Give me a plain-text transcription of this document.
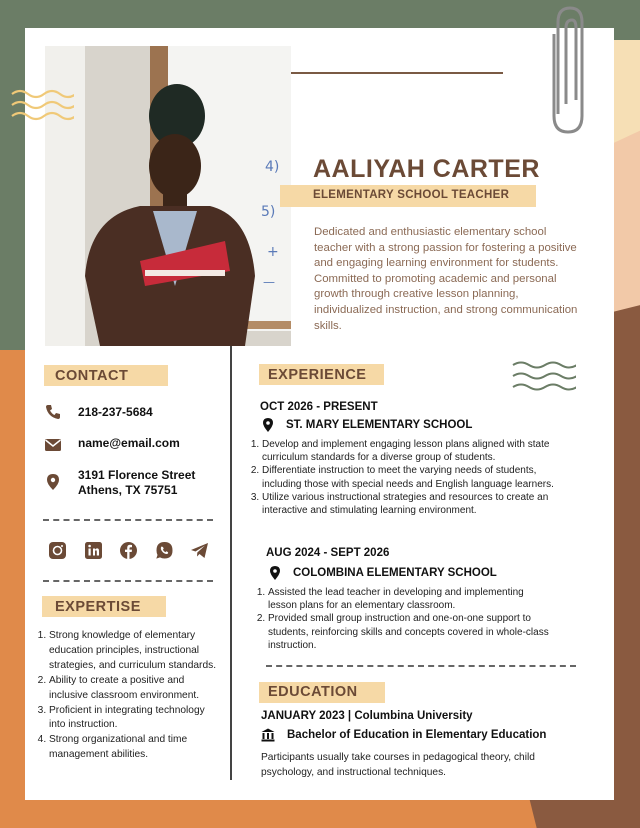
4)
5)
+
—
AALIYAH CARTER
ELEMENTARY SCHOOL TEACHER
Dedicated and enthusiastic elementary school teacher with a strong passion for fostering a positive and engaging learning environment for students. Committed to promoting academic and personal growth through creative lesson planning, individualized instruction, and strong communication skills.
CONTACT
218-237-5684
name@email.com
3191 Florence Street
Athens, TX 75751
EXPERTISE
1. Strong knowledge of elementary education principles, instructional strategies, and curriculum standards.
2. Ability to create a positive and inclusive classroom environment.
3. Proficient in integrating technology into instruction.
4. Strong organizational and time management abilities.
EXPERIENCE
OCT 2026 - PRESENT
ST. MARY ELEMENTARY SCHOOL
1. Develop and implement engaging lesson plans aligned with state curriculum standards for a diverse group of students.
2. Differentiate instruction to meet the varying needs of students, including those with special needs and English language learners.
3. Utilize various instructional strategies and resources to create an interactive and stimulating learning environment.
AUG 2024 - SEPT 2026
COLOMBINA ELEMENTARY SCHOOL
1. Assisted the lead teacher in developing and implementing lesson plans for an elementary classroom.
2. Provided small group instruction and one-on-one support to students, reinforcing skills and concepts covered in whole-class instruction.
EDUCATION
JANUARY 2023 | Columbina University
Bachelor of Education in Elementary Education
Participants usually take courses in pedagogical theory, child psychology, and instructional techniques.
